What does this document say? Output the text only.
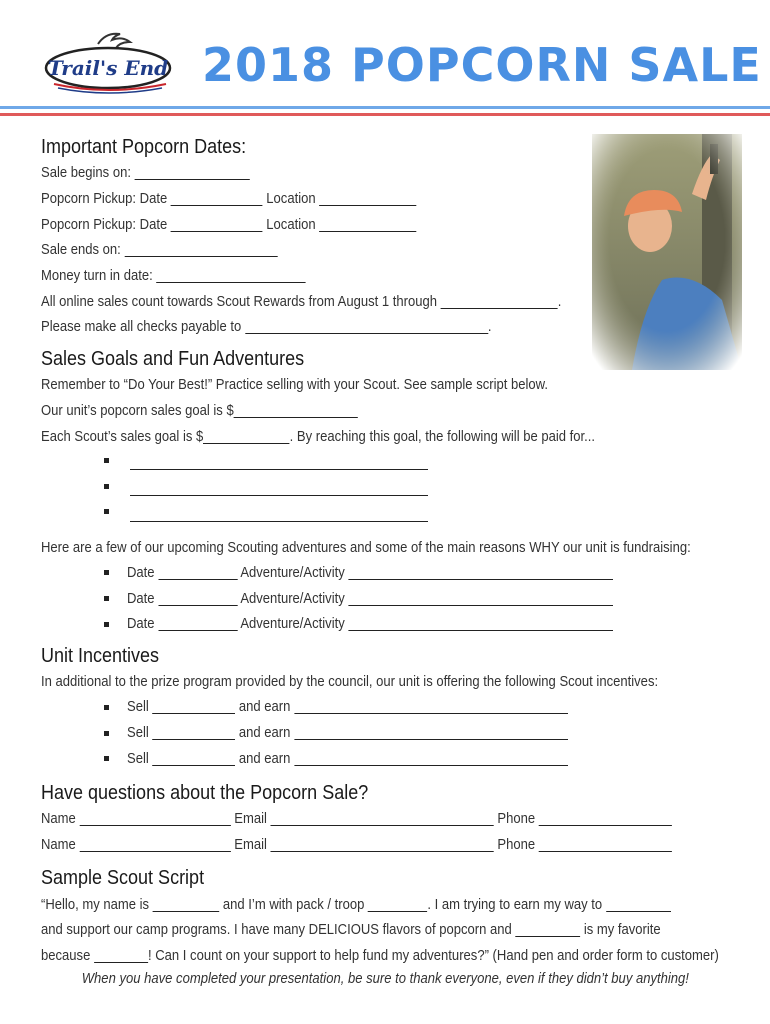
Trail's End 2018 POPCORN SALE
Important Popcorn Dates:

Sale begins on:

Popcorn Pickup: Date	Location

Popcorn Pickup: Date	Location

Sale ends on:

Money turn in date:

All online sales count towards Scout Rewards from August 1 through	.

Please make all checks payable to	.

Sales Goals and Fun Adventures

Remember to “Do Your Best!” Practice selling with your Scout. See sample script below.

Our unit’s popcorn sales goal is $

Each Scout’s sales goal is $	. By reaching this goal, the following will be paid for...

Here are a few of our upcoming Scouting adventures and some of the main reasons WHY our unit is fundraising:

Date	Adventure/Activity

Date	Adventure/Activity

Date	Adventure/Activity

Unit Incentives

In additional to the prize program provided by the council, our unit is offering the following Scout incentives:

Sell	and earn

Sell	and earn

Sell	and earn

Have questions about the Popcorn Sale?

Name	Email	Phone

Name	Email	Phone

Sample Scout Script

“Hello, my name is	and I’m with pack / troop	. I am trying to earn my way to

and support our camp programs. I have many DELICIOUS flavors of popcorn and	is my favorite

because	! Can I count on your support to help fund my adventures?” (Hand pen and order form to customer)

When you have completed your presentation, be sure to thank everyone, even if they didn’t buy anything!
